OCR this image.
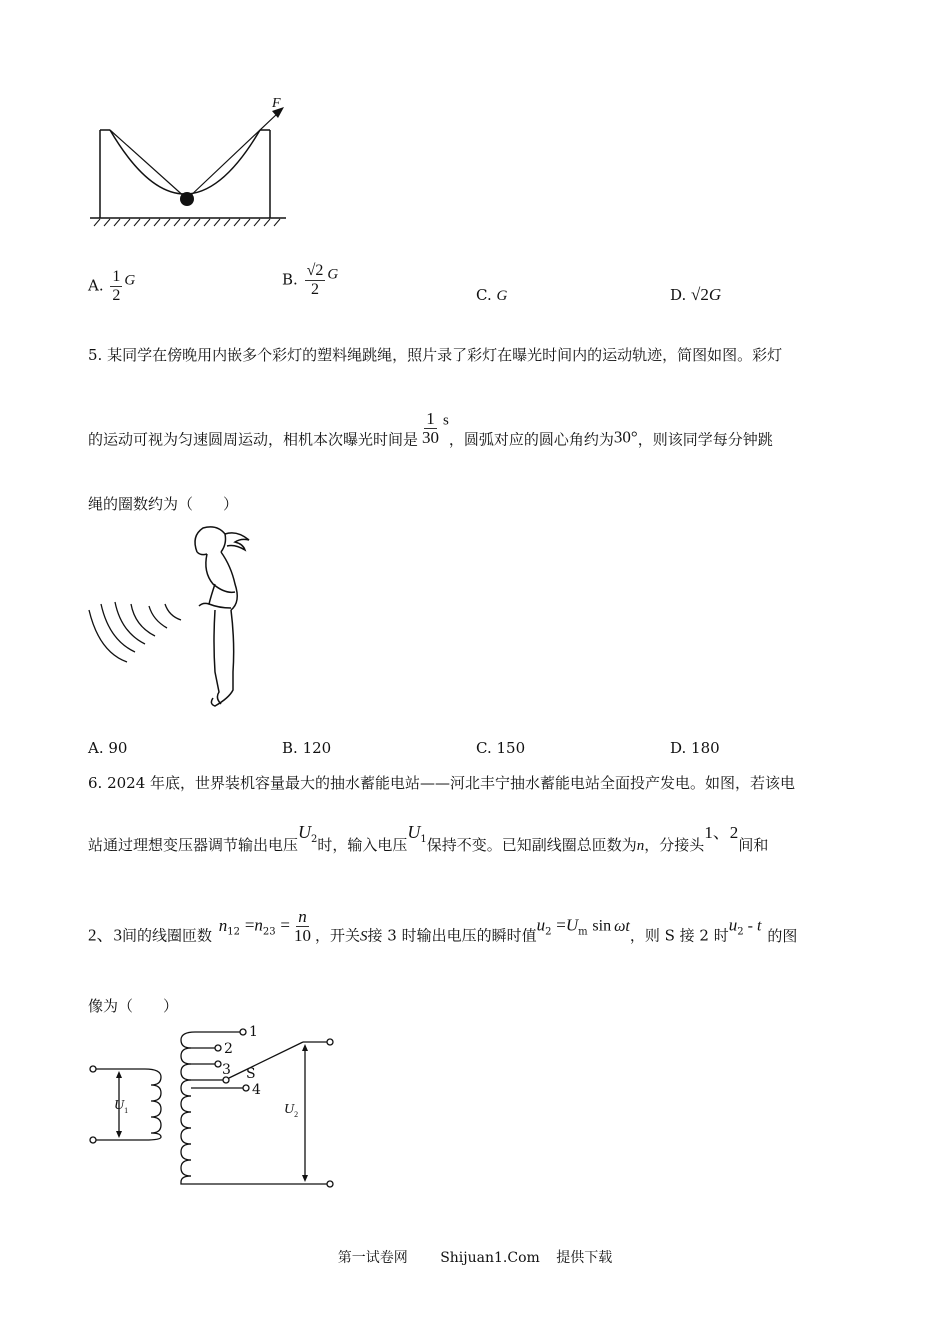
F
A. $\frac{1}{2}$ G	B. $\frac{√2}{2}$ G
C. G	D. √2G
5. 某同学在傍晚用内嵌多个彩灯的塑料绳跳绳，照片录了彩灯在曝光时间内的运动轨迹，简图如图。彩灯
的运动可视为匀速圆周运动，相机本次曝光时间是 $\frac{1}{30}$ s，圆弧对应的圆心角约为30°，则该同学每分钟跳
绳的圈数约为（　　）
A. 90	B. 120	C. 150	D. 180
6. 2024 年底，世界装机容量最大的抽水蓄能电站——河北丰宁抽水蓄能电站全面投产发电。如图，若该电
站通过理想变压器调节输出电压$U_2$时，输入电压$U_1$保持不变。已知副线圈总匝数为n，分接头1、2间和
2、3间的线圈匝数 $n_{12} =n_{23} = \frac{n}{10}$ ，开关S接 3 时输出电压的瞬时值$u_2 =U_m$ sin ωt，则 S 接 2 时$u_2$ - t的图
像为（　　）
1
2
3
4
S
$U_1$	$U_2$
第一试卷网 Shijuan1.Com 提供下载
